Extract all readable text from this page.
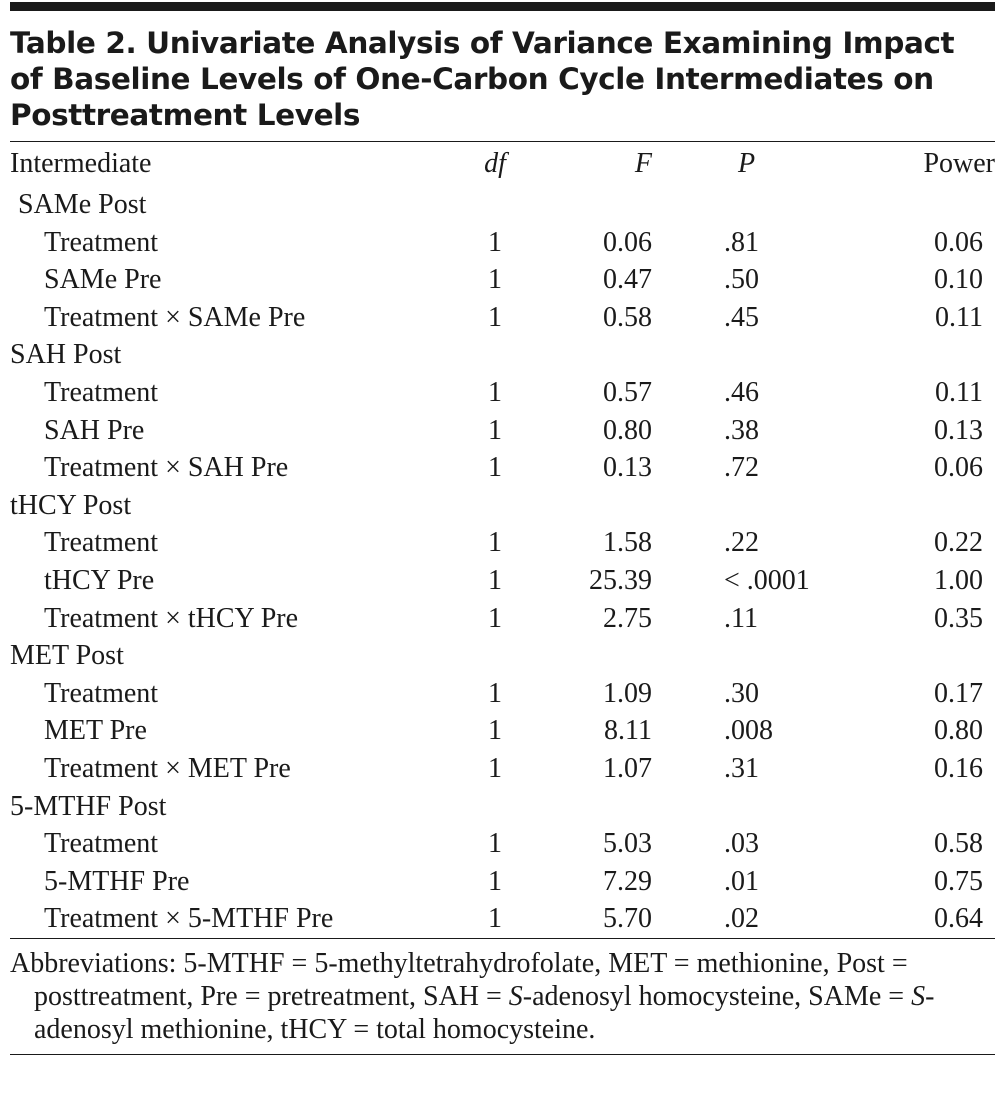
Table 2. Univariate Analysis of Variance Examining Impact
of Baseline Levels of One-Carbon Cycle Intermediates on
Posttreatment Levels
Intermediate	df	F	P	Power
SAMe Post				
Treatment	1	0.06	.81	0.06
SAMe Pre	1	0.47	.50	0.10
Treatment × SAMe Pre	1	0.58	.45	0.11
SAH Post				
Treatment	1	0.57	.46	0.11
SAH Pre	1	0.80	.38	0.13
Treatment × SAH Pre	1	0.13	.72	0.06
tHCY Post				
Treatment	1	1.58	.22	0.22
tHCY Pre	1	25.39	< .0001	1.00
Treatment × tHCY Pre	1	2.75	.11	0.35
MET Post				
Treatment	1	1.09	.30	0.17
MET Pre	1	8.11	.008	0.80
Treatment × MET Pre	1	1.07	.31	0.16
5-MTHF Post				
Treatment	1	5.03	.03	0.58
5-MTHF Pre	1	7.29	.01	0.75
Treatment × 5-MTHF Pre	1	5.70	.02	0.64
Abbreviations: 5-MTHF = 5-methyltetrahydrofolate, MET = methionine, Post = posttreatment, Pre = pretreatment, SAH = S-adenosyl homocysteine, SAMe = S-adenosyl methionine, tHCY = total homocysteine.
